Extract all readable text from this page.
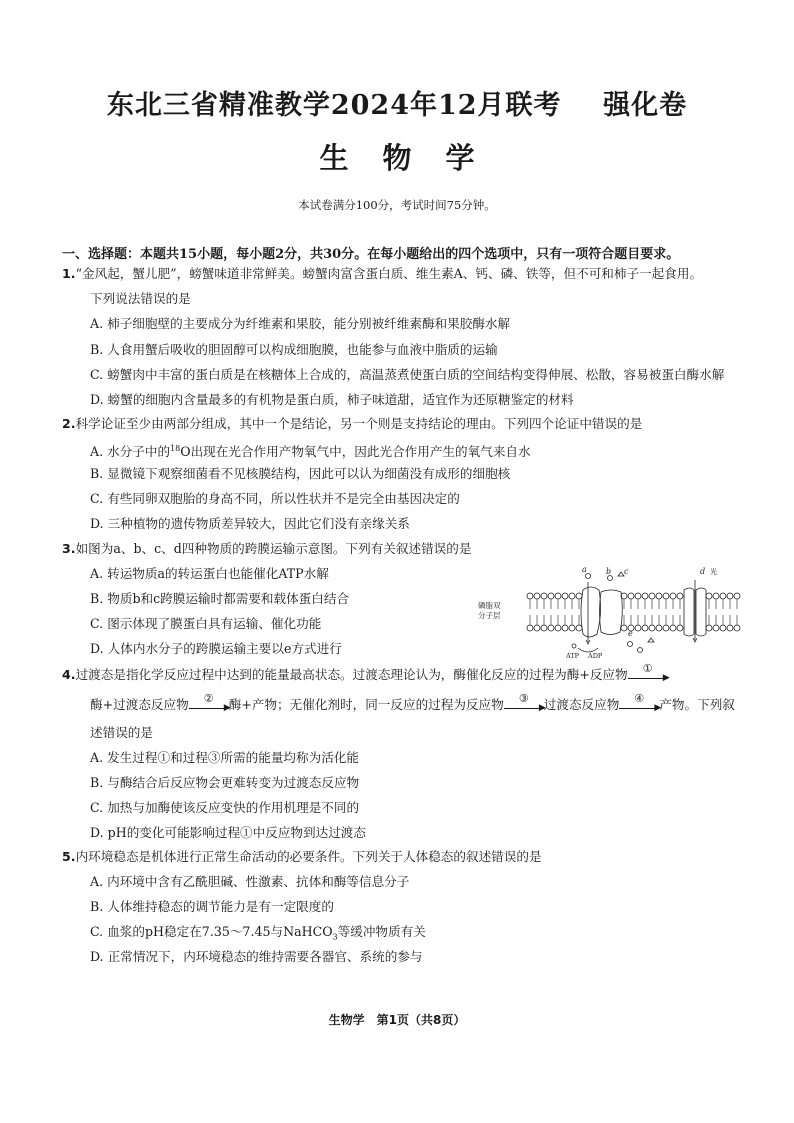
东北三省精准教学2024年12月联考    强化卷
生物学
本试卷满分100分，考试时间75分钟。
一、选择题：本题共15小题，每小题2分，共30分。在每小题给出的四个选项中，只有一项符合题目要求。
1.“金风起，蟹儿肥”，螃蟹味道非常鲜美。螃蟹肉富含蛋白质、维生素A、钙、磷、铁等，但不可和柿子一起食用。
下列说法错误的是
A. 柿子细胞壁的主要成分为纤维素和果胶，能分别被纤维素酶和果胶酶水解
B. 人食用蟹后吸收的胆固醇可以构成细胞膜，也能参与血液中脂质的运输
C. 螃蟹肉中丰富的蛋白质是在核糖体上合成的，高温蒸煮使蛋白质的空间结构变得伸展、松散，容易被蛋白酶水解
D. 螃蟹的细胞内含量最多的有机物是蛋白质，柿子味道甜，适宜作为还原糖鉴定的材料
2.科学论证至少由两部分组成，其中一个是结论，另一个则是支持结论的理由。下列四个论证中错误的是
A. 水分子中的$^{18}$O出现在光合作用产物氧气中，因此光合作用产生的氧气来自水
B. 显微镜下观察细菌看不见核膜结构，因此可以认为细菌没有成形的细胞核
C. 有些同卵双胞胎的身高不同，所以性状并不是完全由基因决定的
D. 三种植物的遗传物质差异较大，因此它们没有亲缘关系
3.如图为a、b、c、d四种物质的跨膜运输示意图。下列有关叙述错误的是
A. 转运物质a的转运蛋白也能催化ATP水解
B. 物质b和c跨膜运输时都需要和载体蛋白结合
C. 图示体现了膜蛋白具有运输、催化功能
D. 人体内水分子的跨膜运输主要以e方式进行
磷脂双
分子层
a b c	d
e
光
ATP ADP
4.过渡态是指化学反应过程中达到的能量最高状态。过渡态理论认为，酶催化反应的过程为酶+反应物	①
▶
酶+过渡态反应物	②
▶
酶+产物；无催化剂时，同一反应的过程为反应物	③
▶
过渡态反应物	④
▶
产物。下列叙
述错误的是
A. 发生过程①和过程③所需的能量均称为活化能
B. 与酶结合后反应物会更难转变为过渡态反应物
C. 加热与加酶使该反应变快的作用机理是不同的
D. pH的变化可能影响过程①中反应物到达过渡态
5.内环境稳态是机体进行正常生命活动的必要条件。下列关于人体稳态的叙述错误的是
A. 内环境中含有乙酰胆碱、性激素、抗体和酶等信息分子
B. 人体维持稳态的调节能力是有一定限度的
C. 血浆的pH稳定在7.35～7.45与NaHCO$_3$等缓冲物质有关
D. 正常情况下，内环境稳态的维持需要各器官、系统的参与
生物学　第1页（共8页）
